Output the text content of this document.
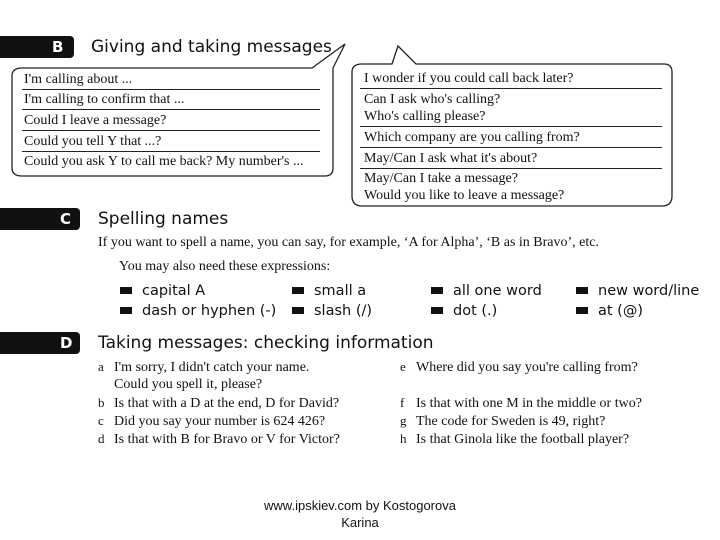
B Giving and taking messages
I'm calling about ...
I'm calling to confirm that ...
Could I leave a message?
Could you tell Y that ...?
Could you ask Y to call me back? My number's ...
I wonder if you could call back later?
Can I ask who's calling?
Who's calling please?
Which company are you calling from?
May/Can I ask what it's about?
May/Can I take a message?
Would you like to leave a message?
C Spelling names
If you want to spell a name, you can say, for example, ‘A for Alpha’, ‘B as in Bravo’, etc.
You may also need these expressions:
capital A	small a	all one word	new word/line
dash or hyphen (-)	slash (/)	dot (.)	at (@)
D Taking messages: checking information
a I'm sorry, I didn't catch your name.
Could you spell it, please?
b Is that with a D at the end, D for David?
c Did you say your number is 624 426?
d Is that with B for Bravo or V for Victor?
e Where did you say you're calling from?
f Is that with one M in the middle or two?
g The code for Sweden is 49, right?
h Is that Ginola like the football player?
www.ipskiev.com by Kostogorova
Karina
